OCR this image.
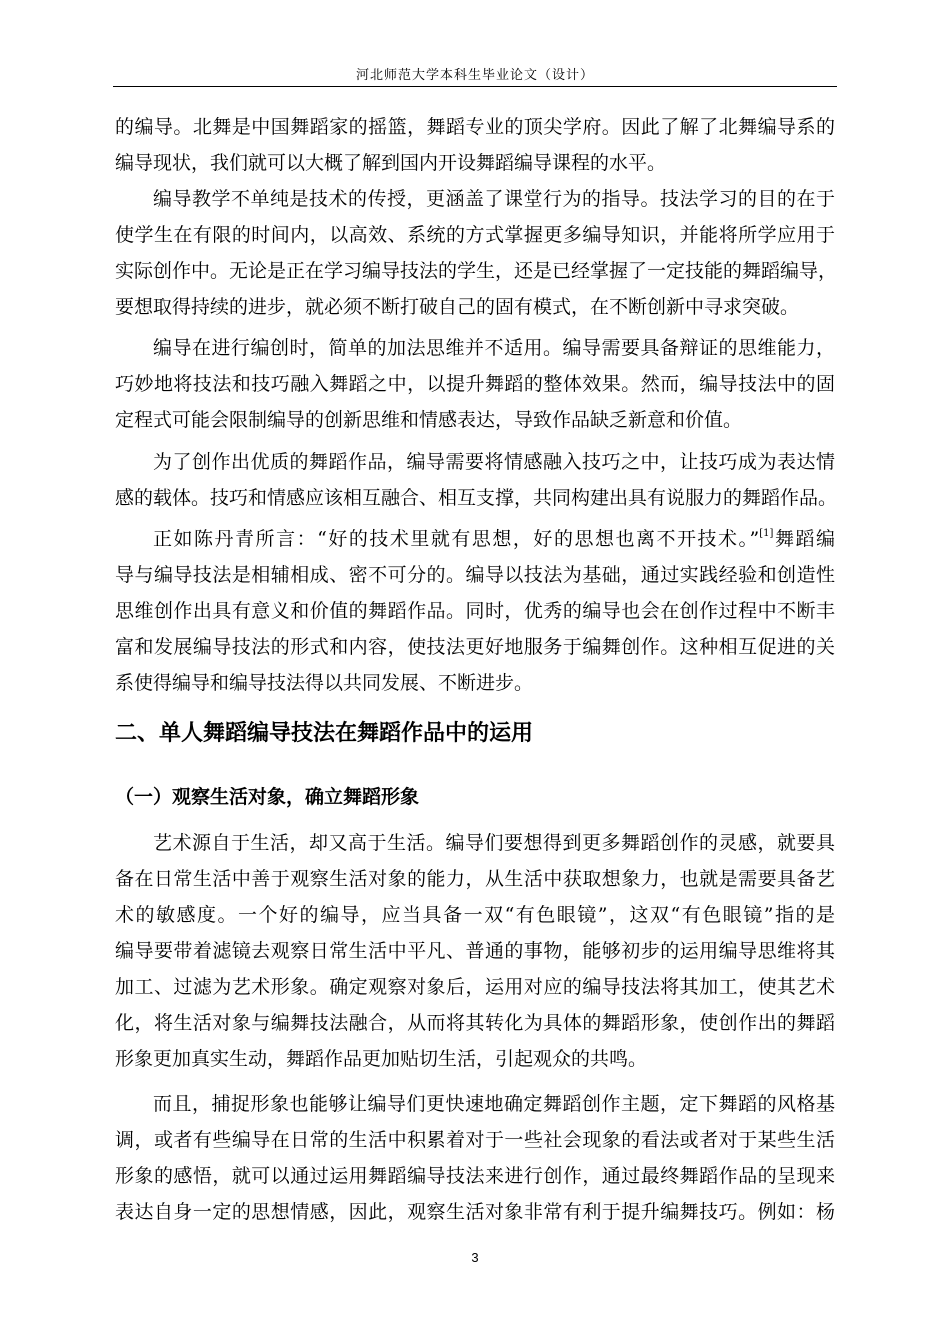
河北师范大学本科生毕业论文（设计）
的编导。北舞是中国舞蹈家的摇篮，舞蹈专业的顶尖学府。因此了解了北舞编导系的
编导现状，我们就可以大概了解到国内开设舞蹈编导课程的水平。
编导教学不单纯是技术的传授，更涵盖了课堂行为的指导。技法学习的目的在于
使学生在有限的时间内，以高效、系统的方式掌握更多编导知识，并能将所学应用于
实际创作中。无论是正在学习编导技法的学生，还是已经掌握了一定技能的舞蹈编导，
要想取得持续的进步，就必须不断打破自己的固有模式，在不断创新中寻求突破。
编导在进行编创时，简单的加法思维并不适用。编导需要具备辩证的思维能力，
巧妙地将技法和技巧融入舞蹈之中，以提升舞蹈的整体效果。然而，编导技法中的固
定程式可能会限制编导的创新思维和情感表达，导致作品缺乏新意和价值。
为了创作出优质的舞蹈作品，编导需要将情感融入技巧之中，让技巧成为表达情
感的载体。技巧和情感应该相互融合、相互支撑，共同构建出具有说服力的舞蹈作品。
正如陈丹青所言：“好的技术里就有思想，好的思想也离不开技术。”[1]舞蹈编
导与编导技法是相辅相成、密不可分的。编导以技法为基础，通过实践经验和创造性
思维创作出具有意义和价值的舞蹈作品。同时，优秀的编导也会在创作过程中不断丰
富和发展编导技法的形式和内容，使技法更好地服务于编舞创作。这种相互促进的关
系使得编导和编导技法得以共同发展、不断进步。
二、单人舞蹈编导技法在舞蹈作品中的运用
（一）观察生活对象，确立舞蹈形象
艺术源自于生活，却又高于生活。编导们要想得到更多舞蹈创作的灵感，就要具
备在日常生活中善于观察生活对象的能力，从生活中获取想象力，也就是需要具备艺
术的敏感度。一个好的编导，应当具备一双“有色眼镜”，这双“有色眼镜”指的是
编导要带着滤镜去观察日常生活中平凡、普通的事物，能够初步的运用编导思维将其
加工、过滤为艺术形象。确定观察对象后，运用对应的编导技法将其加工，使其艺术
化，将生活对象与编舞技法融合，从而将其转化为具体的舞蹈形象，使创作出的舞蹈
形象更加真实生动，舞蹈作品更加贴切生活，引起观众的共鸣。
而且，捕捉形象也能够让编导们更快速地确定舞蹈创作主题，定下舞蹈的风格基
调，或者有些编导在日常的生活中积累着对于一些社会现象的看法或者对于某些生活
形象的感悟，就可以通过运用舞蹈编导技法来进行创作，通过最终舞蹈作品的呈现来
表达自身一定的思想情感，因此，观察生活对象非常有利于提升编舞技巧。例如：杨
3
